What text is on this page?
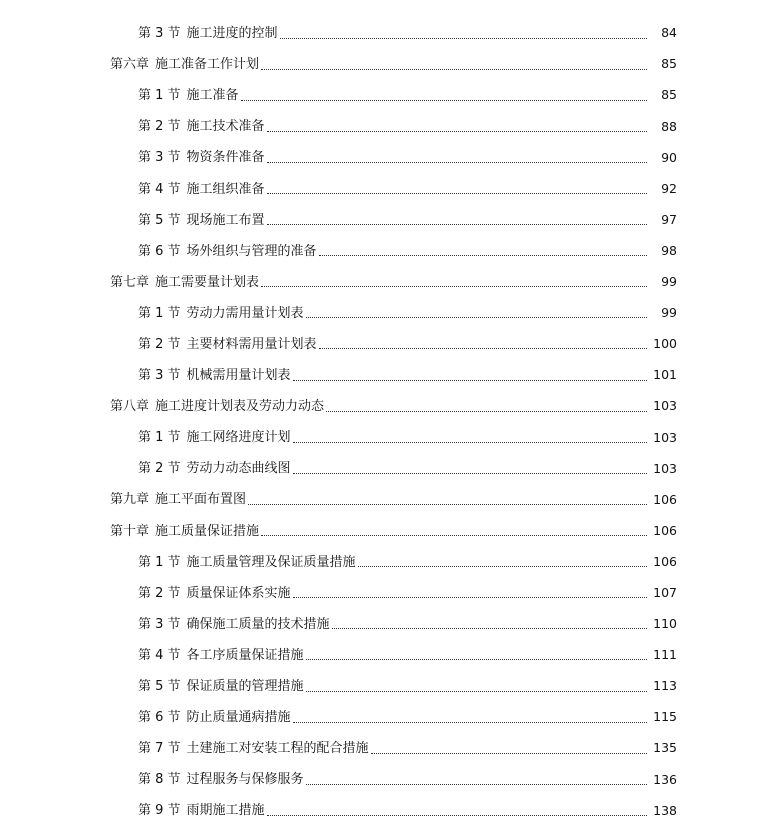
第 3 节 施工进度的控制	84
第六章 施工准备工作计划	85
第 1 节 施工准备	85
第 2 节 施工技术准备	88
第 3 节 物资条件准备	90
第 4 节 施工组织准备	92
第 5 节 现场施工布置	97
第 6 节 场外组织与管理的准备	98
第七章 施工需要量计划表	99
第 1 节 劳动力需用量计划表	99
第 2 节 主要材料需用量计划表	100
第 3 节 机械需用量计划表	101
第八章 施工进度计划表及劳动力动态	103
第 1 节 施工网络进度计划	103
第 2 节 劳动力动态曲线图	103
第九章 施工平面布置图	106
第十章 施工质量保证措施	106
第 1 节 施工质量管理及保证质量措施	106
第 2 节 质量保证体系实施	107
第 3 节 确保施工质量的技术措施	110
第 4 节 各工序质量保证措施	111
第 5 节 保证质量的管理措施	113
第 6 节 防止质量通病措施	115
第 7 节 土建施工对安装工程的配合措施	135
第 8 节 过程服务与保修服务	136
第 9 节 雨期施工措施	138
